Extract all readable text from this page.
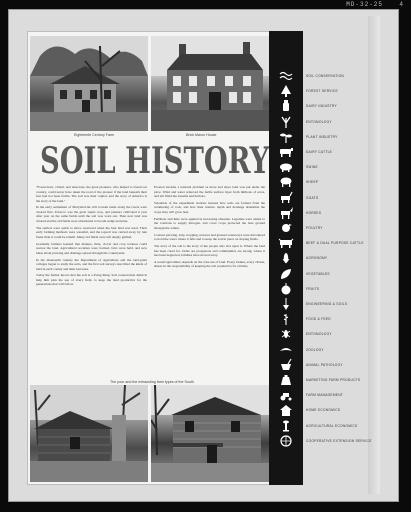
MD-32-25	4
Eighteenth Century Farm	Brick Manor House
SOIL HISTORY

"Forest-born, virtual, and tenacious, the great pioneers, who helped to found our country, could never have taken the road of the pioneer if the land beneath their feet had not been fertile. The soil was their capital, and the story of America is the story of the land."

In the early settlement of Maryland the rich bottom lands along the rivers were cleared first. Tobacco was the great staple crop, and planters cultivated it year after year on the same fields until the soil was worn out. Then new land was cleared and the old fields were abandoned to broom sedge and pine.

The settlers were quick to move westward when the best land was used. Their early farming methods were wasteful, and the topsoil was carried away by rain faster than it could be rebuilt. Many old fields were left deeply gullied.

Gradually farmers learned that manure, lime, clover and crop rotation could restore the land. Agricultural societies were formed, fairs were held, and new ideas about plowing and drainage spread through the countryside.

In the nineteenth century the Department of Agriculture and the land-grant colleges began to study the soils, and the first soil surveys described the kinds of land in each county and their best uses.

Today the farmer knows that the soil is a living thing. Soil conservation districts help him plan the use of every field, to keep the land productive for the generations that will follow.

Erosion became a national problem as more and more land was put under the plow. Wind and water removed the fertile surface layer from millions of acres, and silt filled the streams and harbors.

Scientists of the experiment stations learned how soils are formed from the weathering of rock, and how their texture, depth and drainage determine the crops they will grow best.

Fertilizer and lime were applied in increasing amounts. Legumes were added to the rotations to supply nitrogen, and cover crops protected the bare ground through the winter.

Contour plowing, strip cropping, terraces and grassed waterways were introduced to hold the water where it falls and to keep the soil in place on sloping fields.

The story of the soil is the story of the people who live upon it. Where the land has been cared for, farms are prosperous and communities are strong; where it has been neglected, families have moved away.

A sound agriculture depends on the wise use of land. Every farmer, every citizen, shares in the responsibility of keeping the soil productive for all time.

The poor and the exhausting farm types of the South
SOIL CONSERVATION
FOREST SERVICE
DAIRY INDUSTRY
ENTOMOLOGY
PLANT INDUSTRY
DAIRY CATTLE
SWINE
SHEEP
GOATS
HORSES
POULTRY
BEEF & DUAL PURPOSE CATTLE
AGRONOMY
VEGETABLES
FRUITS
ENGINEERING & SOILS
FOOD & FEED
ENTOMOLOGY
ZOOLOGY
ANIMAL PATHOLOGY
MARKETING FARM PRODUCTS
FARM MANAGEMENT
HOME ECONOMICS
AGRICULTURAL ECONOMICS
COOPERATIVE EXTENSION SERVICE
